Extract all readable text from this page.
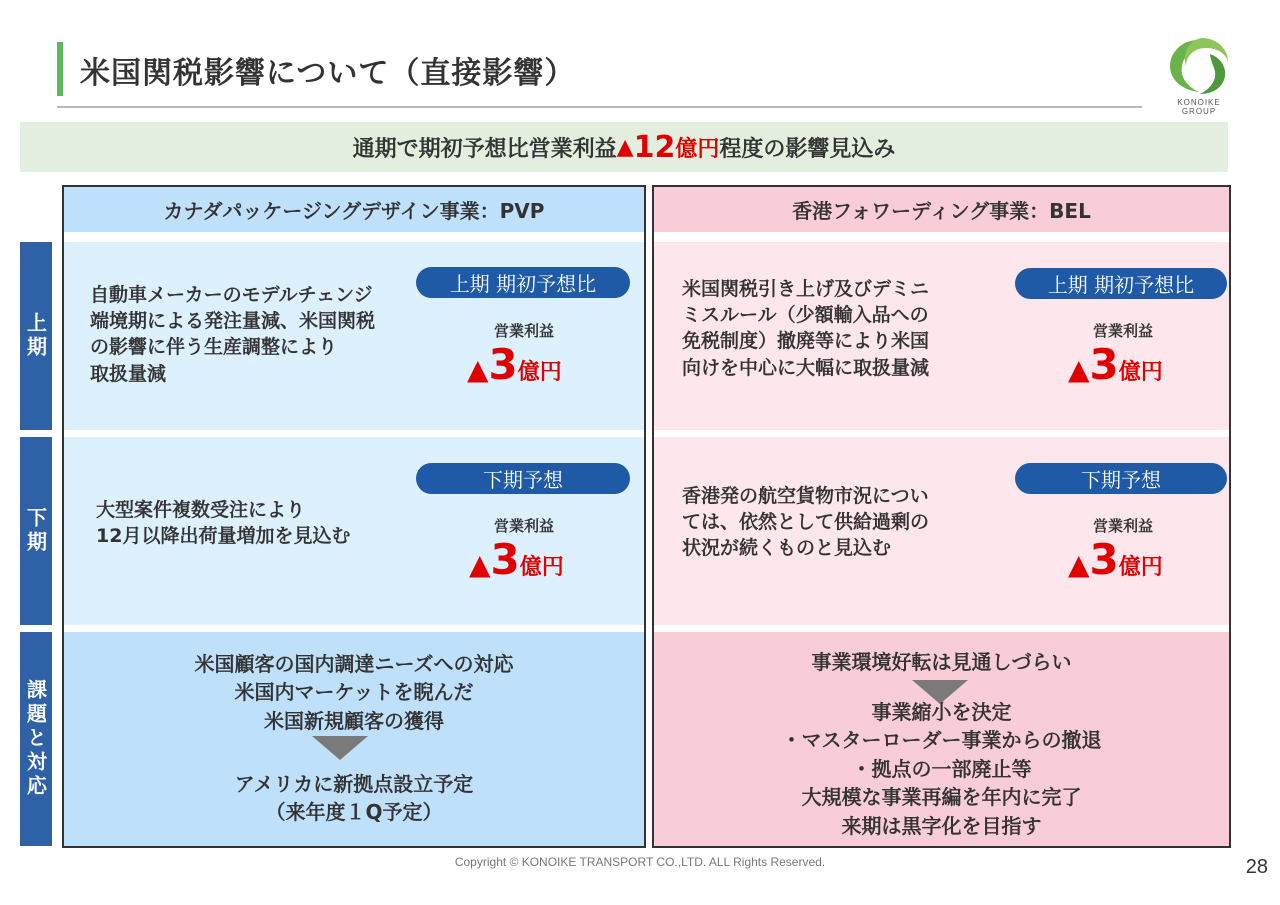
米国関税影響について（直接影響）
KONOIKE
GROUP
通期で期初予想比営業利益 ▲ 12 億円 程度の影響見込み
カナダパッケージングデザイン事業：PVP	香港フォワーディング事業：BEL
上期
下期
課題と対応
自動車メーカーのモデルチェンジ
端境期による発注量減、米国関税
の影響に伴う生産調整により
取扱量減
上期 期初予想比
営業利益
▲3億円
大型案件複数受注により
12月以降出荷量増加を見込む
下期予想
営業利益
▲3億円
米国顧客の国内調達ニーズへの対応
米国内マーケットを睨んだ
米国新規顧客の獲得
アメリカに新拠点設立予定
（来年度１Q予定）
米国関税引き上げ及びデミニ
ミスルール（少額輸入品への
免税制度）撤廃等により米国
向けを中心に大幅に取扱量減
上期 期初予想比
営業利益
▲3億円
香港発の航空貨物市況につい
ては、依然として供給過剰の
状況が続くものと見込む
下期予想
営業利益
▲3億円
事業環境好転は見通しづらい
事業縮小を決定
・マスターローダー事業からの撤退
・拠点の一部廃止等
大規模な事業再編を年内に完了
来期は黒字化を目指す
Copyright © KONOIKE TRANSPORT CO.,LTD. ALL Rights Reserved.	28
